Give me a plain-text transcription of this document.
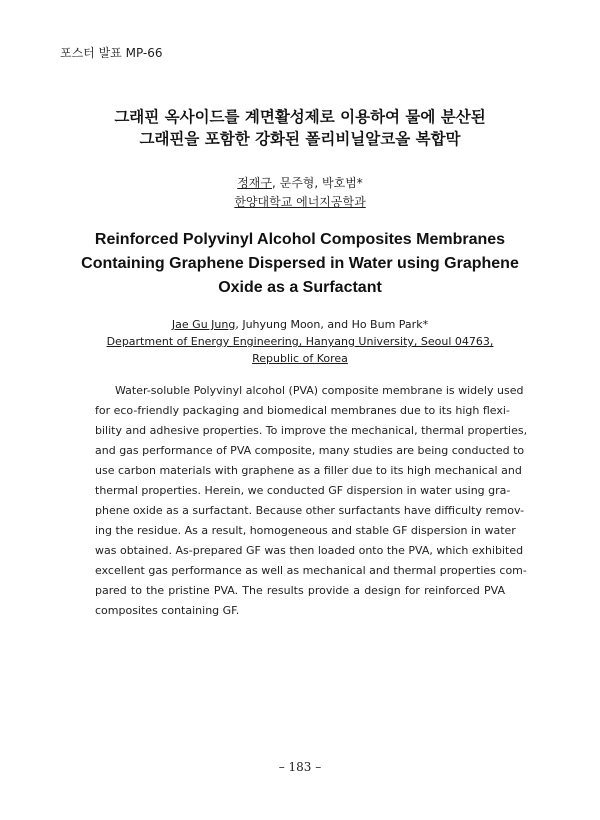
포스터 발표 MP-66
그래핀 옥사이드를 계면활성제로 이용하여 물에 분산된
그래핀을 포함한 강화된 폴리비닐알코올 복합막
정재구, 문주형, 박호범*
한양대학교 에너지공학과
Reinforced Polyvinyl Alcohol Composites Membranes
Containing Graphene Dispersed in Water using Graphene
Oxide as a Surfactant
Jae Gu Jung, Juhyung Moon, and Ho Bum Park*
Department of Energy Engineering, Hanyang University, Seoul 04763,
Republic of Korea
Water-soluble Polyvinyl alcohol (PVA) composite membrane is widely used
for eco-friendly packaging and biomedical membranes due to its high flexi-
bility and adhesive properties. To improve the mechanical, thermal properties,
and gas performance of PVA composite, many studies are being conducted to
use carbon materials with graphene as a filler due to its high mechanical and
thermal properties. Herein, we conducted GF dispersion in water using gra-
phene oxide as a surfactant. Because other surfactants have difficulty remov-
ing the residue. As a result, homogeneous and stable GF dispersion in water
was obtained. As-prepared GF was then loaded onto the PVA, which exhibited
excellent gas performance as well as mechanical and thermal properties com-
pared to the pristine PVA. The results provide a design for reinforced PVA
composites containing GF.
– 183 –
